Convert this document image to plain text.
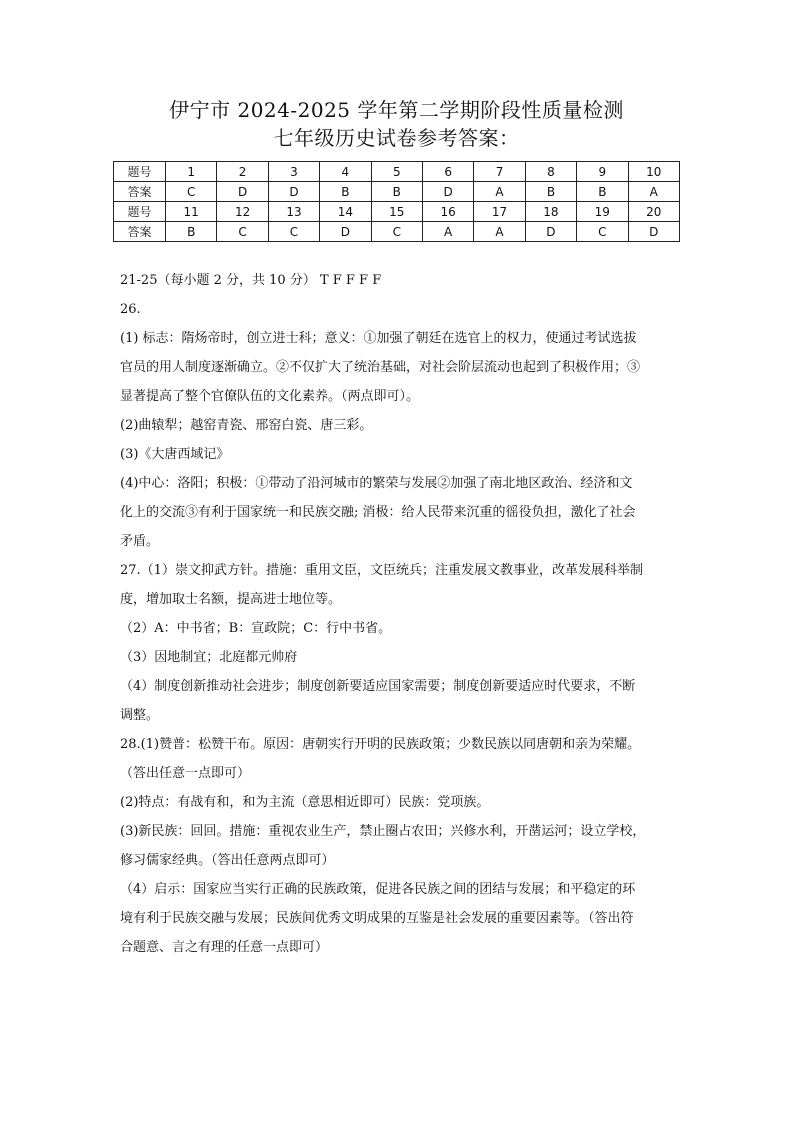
伊宁市 2024-2025 学年第二学期阶段性质量检测
七年级历史试卷参考答案：
题号	1	2	3	4	5	6	7	8	9	10
答案	C	D	D	B	B	D	A	B	B	A
题号	11	12	13	14	15	16	17	18	19	20
答案	B	C	C	D	C	A	A	D	C	D
21-25（每小题 2 分，共 10 分） T F F F F
26.
(1) 标志：隋炀帝时，创立进士科；意义：①加强了朝廷在选官上的权力，使通过考试选拔
官员的用人制度逐渐确立。②不仅扩大了统治基础，对社会阶层流动也起到了积极作用；③
显著提高了整个官僚队伍的文化素养。（两点即可）。
(2)曲辕犁；越窑青瓷、邢窑白瓷、唐三彩。
(3)《大唐西域记》
(4)中心：洛阳；积极：①带动了沿河城市的繁荣与发展②加强了南北地区政治、经济和文
化上的交流③有利于国家统一和民族交融; 消极：给人民带来沉重的徭役负担，激化了社会
矛盾。
27.（1）崇文抑武方针。措施：重用文臣，文臣统兵；注重发展文教事业，改革发展科举制
度，增加取士名额，提高进士地位等。
（2）A：中书省；B：宣政院；C：行中书省。
（3）因地制宜；北庭都元帅府
（4）制度创新推动社会进步；制度创新要适应国家需要；制度创新要适应时代要求，不断
调整。
28.(1)赞普：松赞干布。原因：唐朝实行开明的民族政策；少数民族以同唐朝和亲为荣耀。
（答出任意一点即可）
(2)特点：有战有和，和为主流（意思相近即可）民族：党项族。
(3)新民族：回回。措施：重视农业生产，禁止圈占农田；兴修水利，开凿运河；设立学校，
修习儒家经典。（答出任意两点即可）
（4）启示：国家应当实行正确的民族政策，促进各民族之间的团结与发展；和平稳定的环
境有利于民族交融与发展；民族间优秀文明成果的互鉴是社会发展的重要因素等。（答出符
合题意、言之有理的任意一点即可）
